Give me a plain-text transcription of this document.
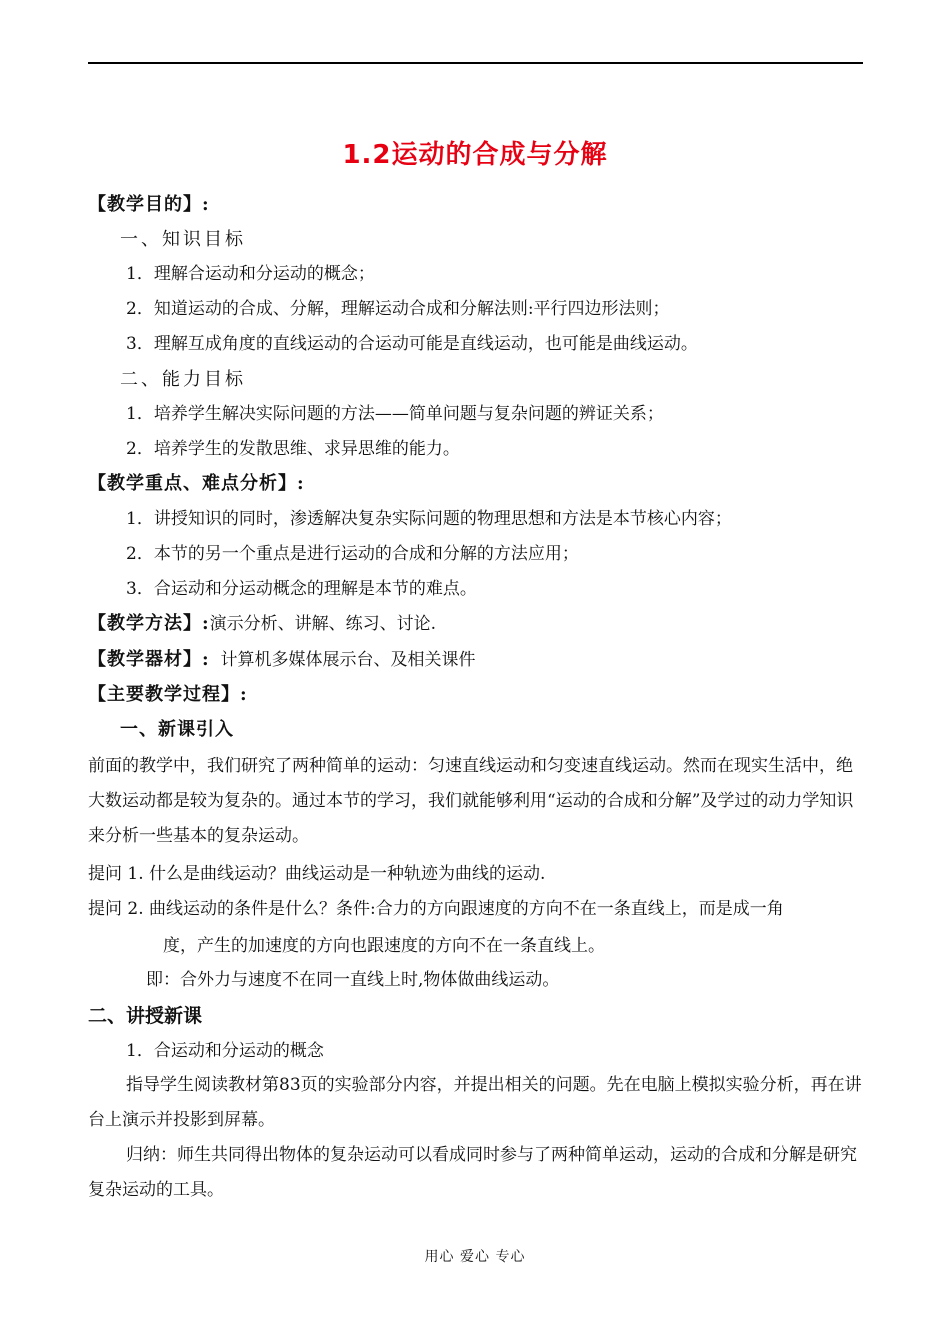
1.2运动的合成与分解
【教学目的】:
一、知识目标
1．理解合运动和分运动的概念；
2．知道运动的合成、分解，理解运动合成和分解法则:平行四边形法则；
3．理解互成角度的直线运动的合运动可能是直线运动，也可能是曲线运动。
二、能力目标
1．培养学生解决实际问题的方法——简单问题与复杂问题的辨证关系；
2．培养学生的发散思维、求异思维的能力。
【教学重点、难点分析】:
1．讲授知识的同时，渗透解决复杂实际问题的物理思想和方法是本节核心内容；
2．本节的另一个重点是进行运动的合成和分解的方法应用；
3．合运动和分运动概念的理解是本节的难点。
【教学方法】:演示分析、讲解、练习、讨论.
【教学器材】: 计算机多媒体展示台、及相关课件
【主要教学过程】:
一、新课引入
前面的教学中，我们研究了两种简单的运动：匀速直线运动和匀变速直线运动。然而在现实生活中，绝大数运动都是较为复杂的。通过本节的学习，我们就能够利用“运动的合成和分解”及学过的动力学知识来分析一些基本的复杂运动。
提问 1. 什么是曲线运动？曲线运动是一种轨迹为曲线的运动.
提问 2. 曲线运动的条件是什么？条件:合力的方向跟速度的方向不在一条直线上，而是成一角
度，产生的加速度的方向也跟速度的方向不在一条直线上。
即：合外力与速度不在同一直线上时,物体做曲线运动。
二、讲授新课
1．合运动和分运动的概念
指导学生阅读教材第83页的实验部分内容，并提出相关的问题。先在电脑上模拟实验分析，再在讲台上演示并投影到屏幕。
归纳：师生共同得出物体的复杂运动可以看成同时参与了两种简单运动，运动的合成和分解是研究复杂运动的工具。
用心 爱心 专心
